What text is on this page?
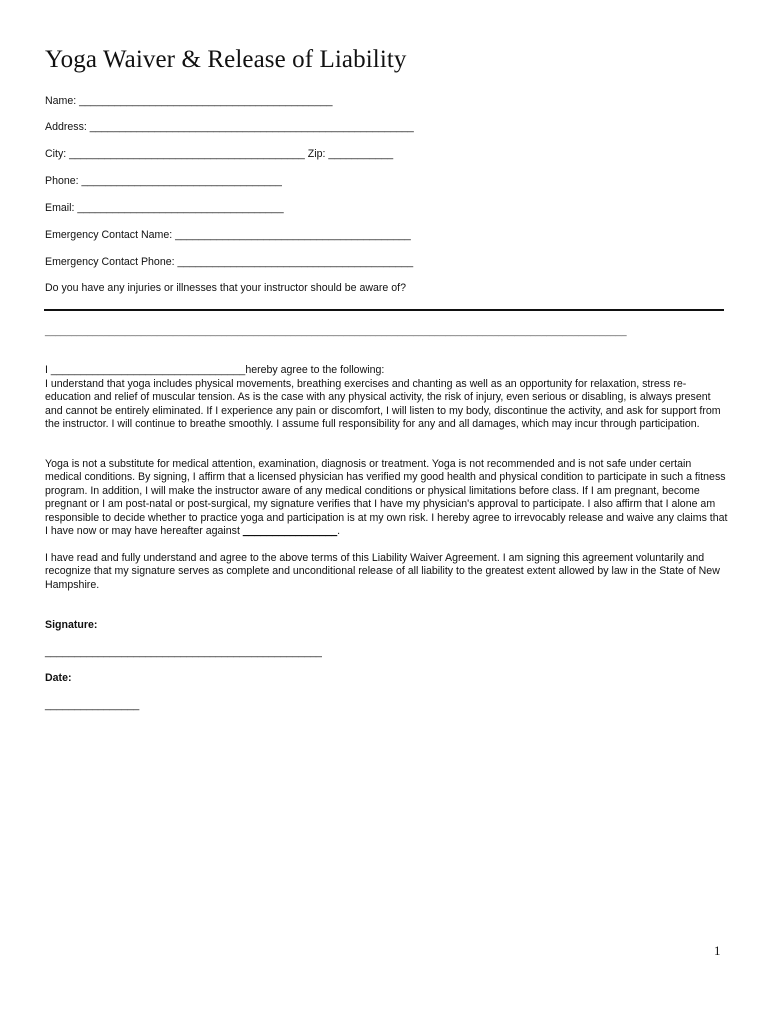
Yoga Waiver & Release of Liability
Name: ___________________________________________
Address: _______________________________________________________
City: ________________________________________ Zip: ___________
Phone: __________________________________
Email: ___________________________________
Emergency Contact Name: ________________________________________
Emergency Contact Phone: ________________________________________
Do you have any injuries or illnesses that your instructor should be aware of?
_____________________________________________________________________________________________________________
I _________________________________hereby agree to the following:

I understand that yoga includes physical movements, breathing exercises and chanting as well as an opportunity for relaxation, stress re-education and relief of muscular tension. As is the case with any physical activity, the risk of injury, even serious or disabling, is always present and cannot be entirely eliminated. If I experience any pain or discomfort, I will listen to my body, discontinue the activity, and ask for support from the instructor. I will continue to breathe smoothly. I assume full responsibility for any and all damages, which may incur through participation.

Yoga is not a substitute for medical attention, examination, diagnosis or treatment. Yoga is not recommended and is not safe under certain medical conditions. By signing, I affirm that a licensed physician has verified my good health and physical condition to participate in such a fitness program. In addition, I will make the instructor aware of any medical conditions or physical limitations before class. If I am pregnant, become pregnant or I am post-natal or post-surgical, my signature verifies that I have my physician's approval to participate. I also affirm that I alone am responsible to decide whether to practice yoga and participation is at my own risk. I hereby agree to irrevocably release and waive any claims that I have now or may have hereafter against ________________.

I have read and fully understand and agree to the above terms of this Liability Waiver Agreement. I am signing this agreement voluntarily and recognize that my signature serves as complete and unconditional release of all liability to the greatest extent allowed by law in the State of New Hampshire.

Signature:
_______________________________________________
Date:
________________
1
